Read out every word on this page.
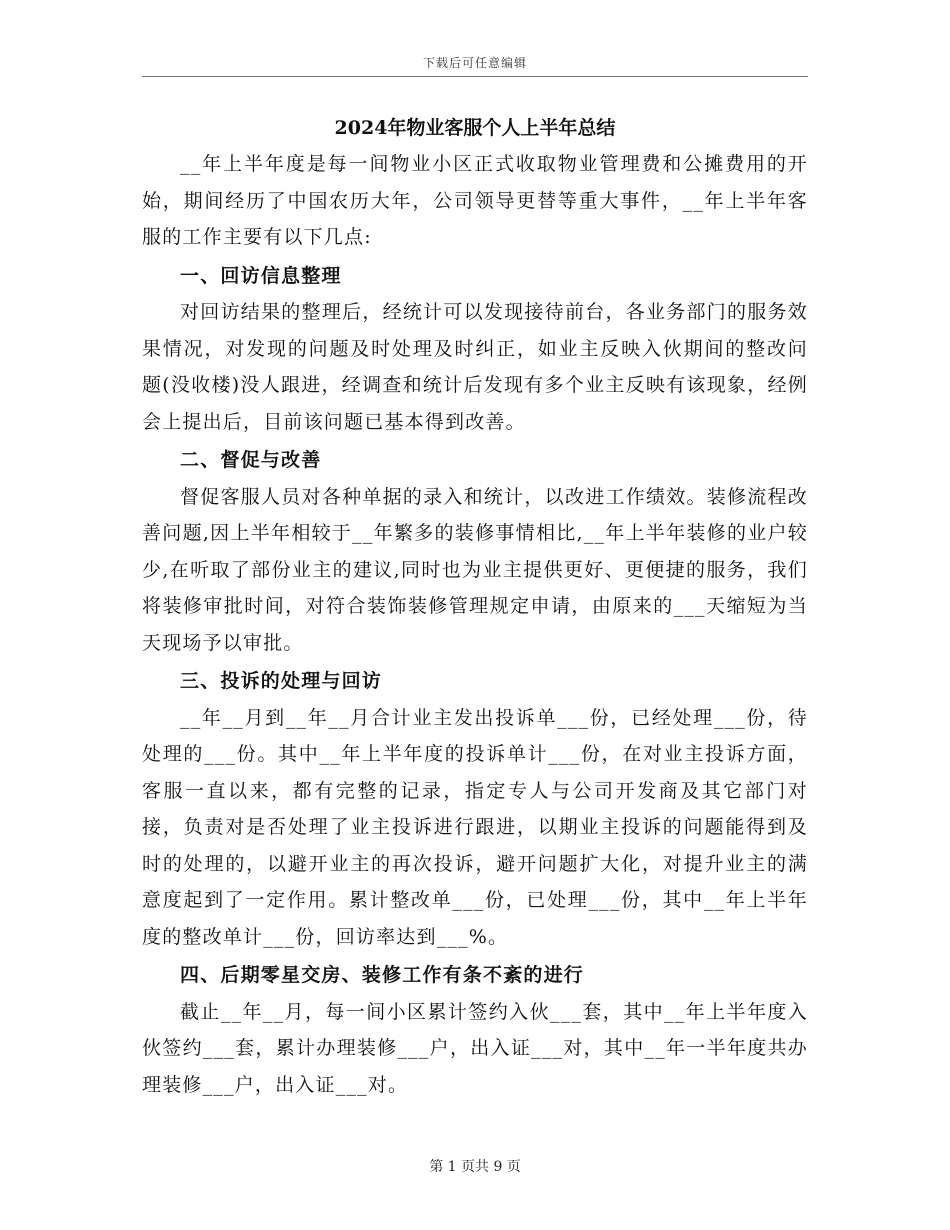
下载后可任意编辑
2024年物业客服个人上半年总结

__年上半年度是每一间物业小区正式收取物业管理费和公摊费用的开始，期间经历了中国农历大年，公司领导更替等重大事件，__年上半年客服的工作主要有以下几点:

一、回访信息整理

对回访结果的整理后，经统计可以发现接待前台，各业务部门的服务效果情况，对发现的问题及时处理及时纠正，如业主反映入伙期间的整改问题(没收楼)没人跟进，经调查和统计后发现有多个业主反映有该现象，经例会上提出后，目前该问题已基本得到改善。

二、督促与改善

督促客服人员对各种单据的录入和统计，以改进工作绩效。装修流程改善问题,因上半年相较于__年繁多的装修事情相比,__年上半年装修的业户较少,在听取了部份业主的建议,同时也为业主提供更好、更便捷的服务，我们将装修审批时间，对符合装饰装修管理规定申请，由原来的___天缩短为当天现场予以审批。

三、投诉的处理与回访

__年__月到__年__月合计业主发出投诉单___份，已经处理___份，待处理的___份。其中__年上半年度的投诉单计___份，在对业主投诉方面，客服一直以来，都有完整的记录，指定专人与公司开发商及其它部门对接，负责对是否处理了业主投诉进行跟进，以期业主投诉的问题能得到及时的处理的，以避开业主的再次投诉，避开问题扩大化，对提升业主的满意度起到了一定作用。累计整改单___份，已处理___份，其中__年上半年度的整改单计___份，回访率达到___%。

四、后期零星交房、装修工作有条不紊的进行

截止__年__月，每一间小区累计签约入伙___套，其中__年上半年度入伙签约___套，累计办理装修___户，出入证___对，其中__年一半年度共办理装修___户，出入证___对。

第 1 页共 9 页
